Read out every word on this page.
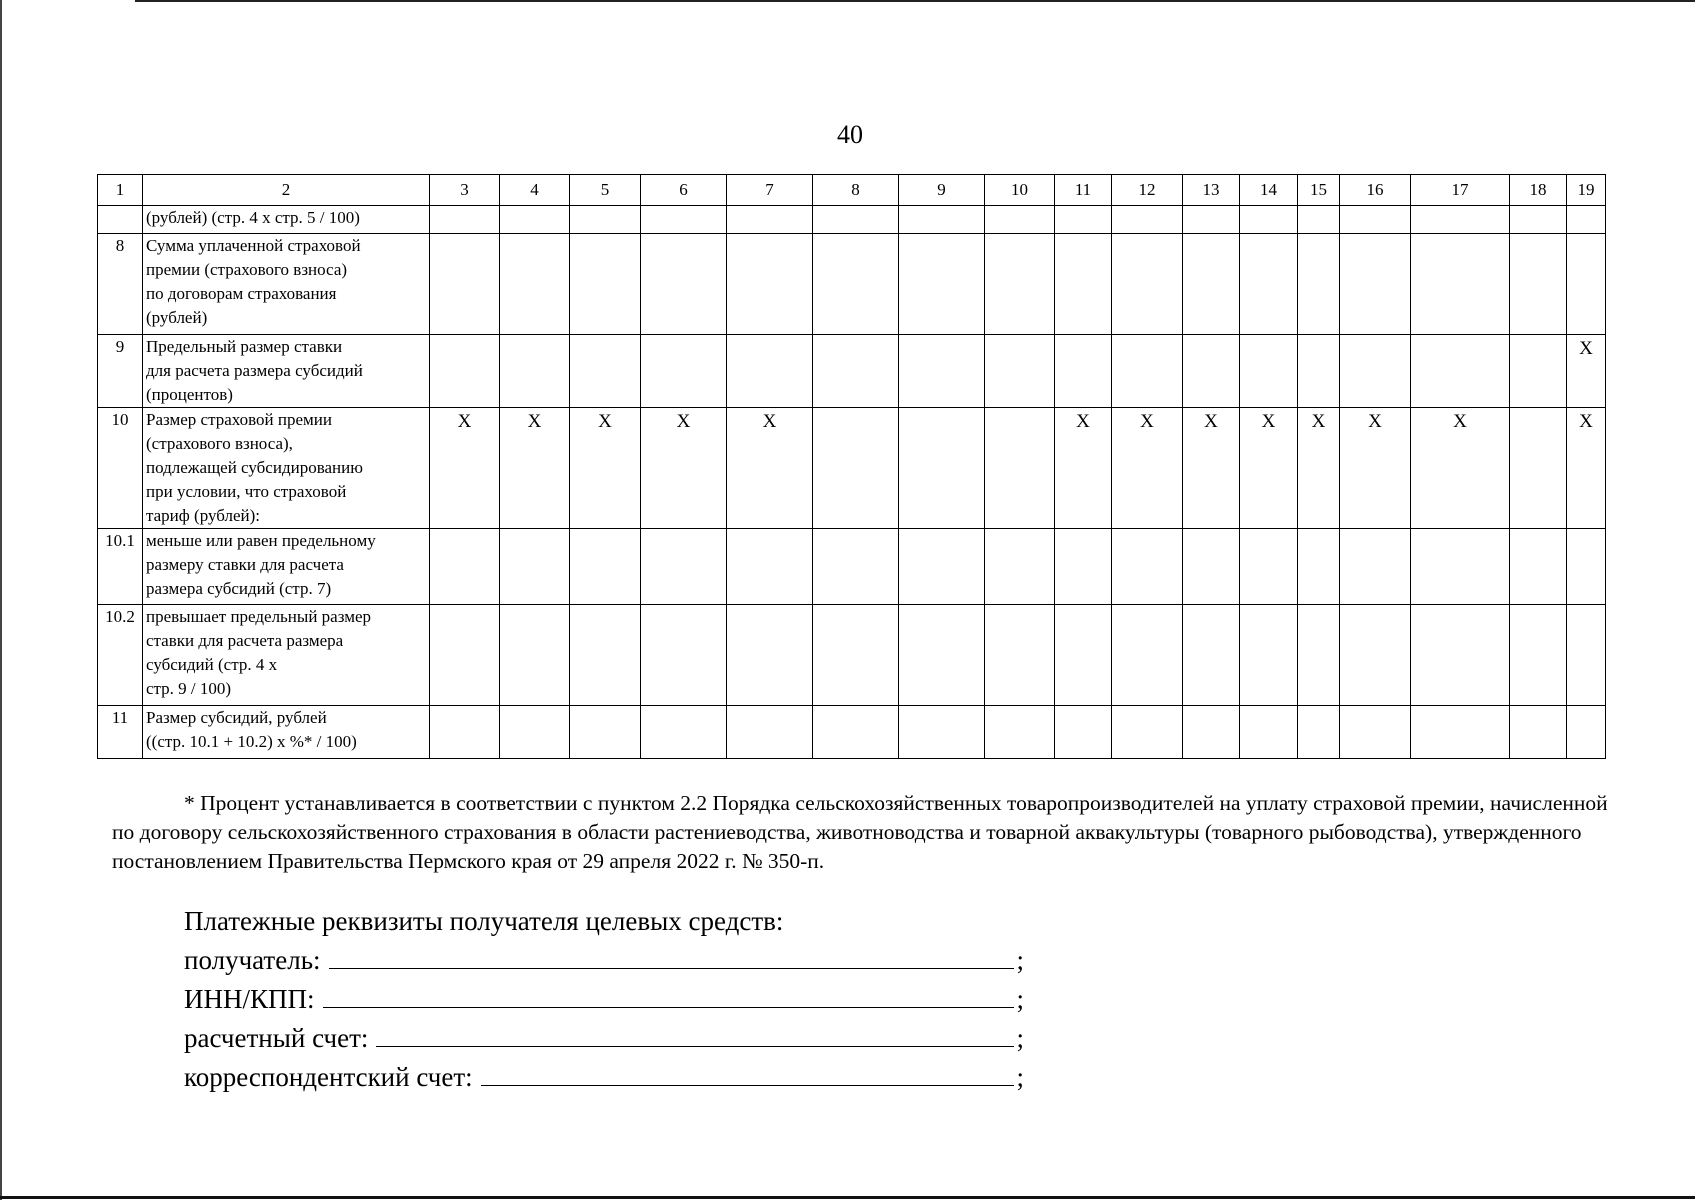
40
1	2	3	4	5	6	7	8	9	10	11	12	13	14	15	16	17	18	19

	(рублей) (стр. 4 x стр. 5 / 100)																	

8	Сумма уплаченной страховой
премии (страхового взноса)
по договорам страхования
(рублей)																	

9	Предельный размер ставки
для расчета размера субсидий
(процентов)																	X
10	Размер страховой премии
(страхового взноса),
подлежащей субсидированию
при условии, что страховой
тариф (рублей):	X	X	X	X	X				X	X	X	X	X	X	X		X
10.1	меньше или равен предельному
размеру ставки для расчета
размера субсидий (стр. 7)																	

10.2	превышает предельный размер
ставки для расчета размера
субсидий (стр. 4 x
стр. 9 / 100)																	

11	Размер субсидий, рублей
((стр. 10.1 + 10.2) x %* / 100)																	

* Процент устанавливается в соответствии с пунктом 2.2 Порядка сельскохозяйственных товаропроизводителей на уплату страховой премии, начисленной по договору сельскохозяйственного страхования в области растениеводства, животноводства и товарной аквакультуры (товарного рыбоводства), утвержденного постановлением Правительства Пермского края от 29 апреля 2022 г. № 350-п.
Платежные реквизиты получателя целевых средств:
получатель:	;
ИНН/КПП:	;
расчетный счет:	;
корреспондентский счет:	;
